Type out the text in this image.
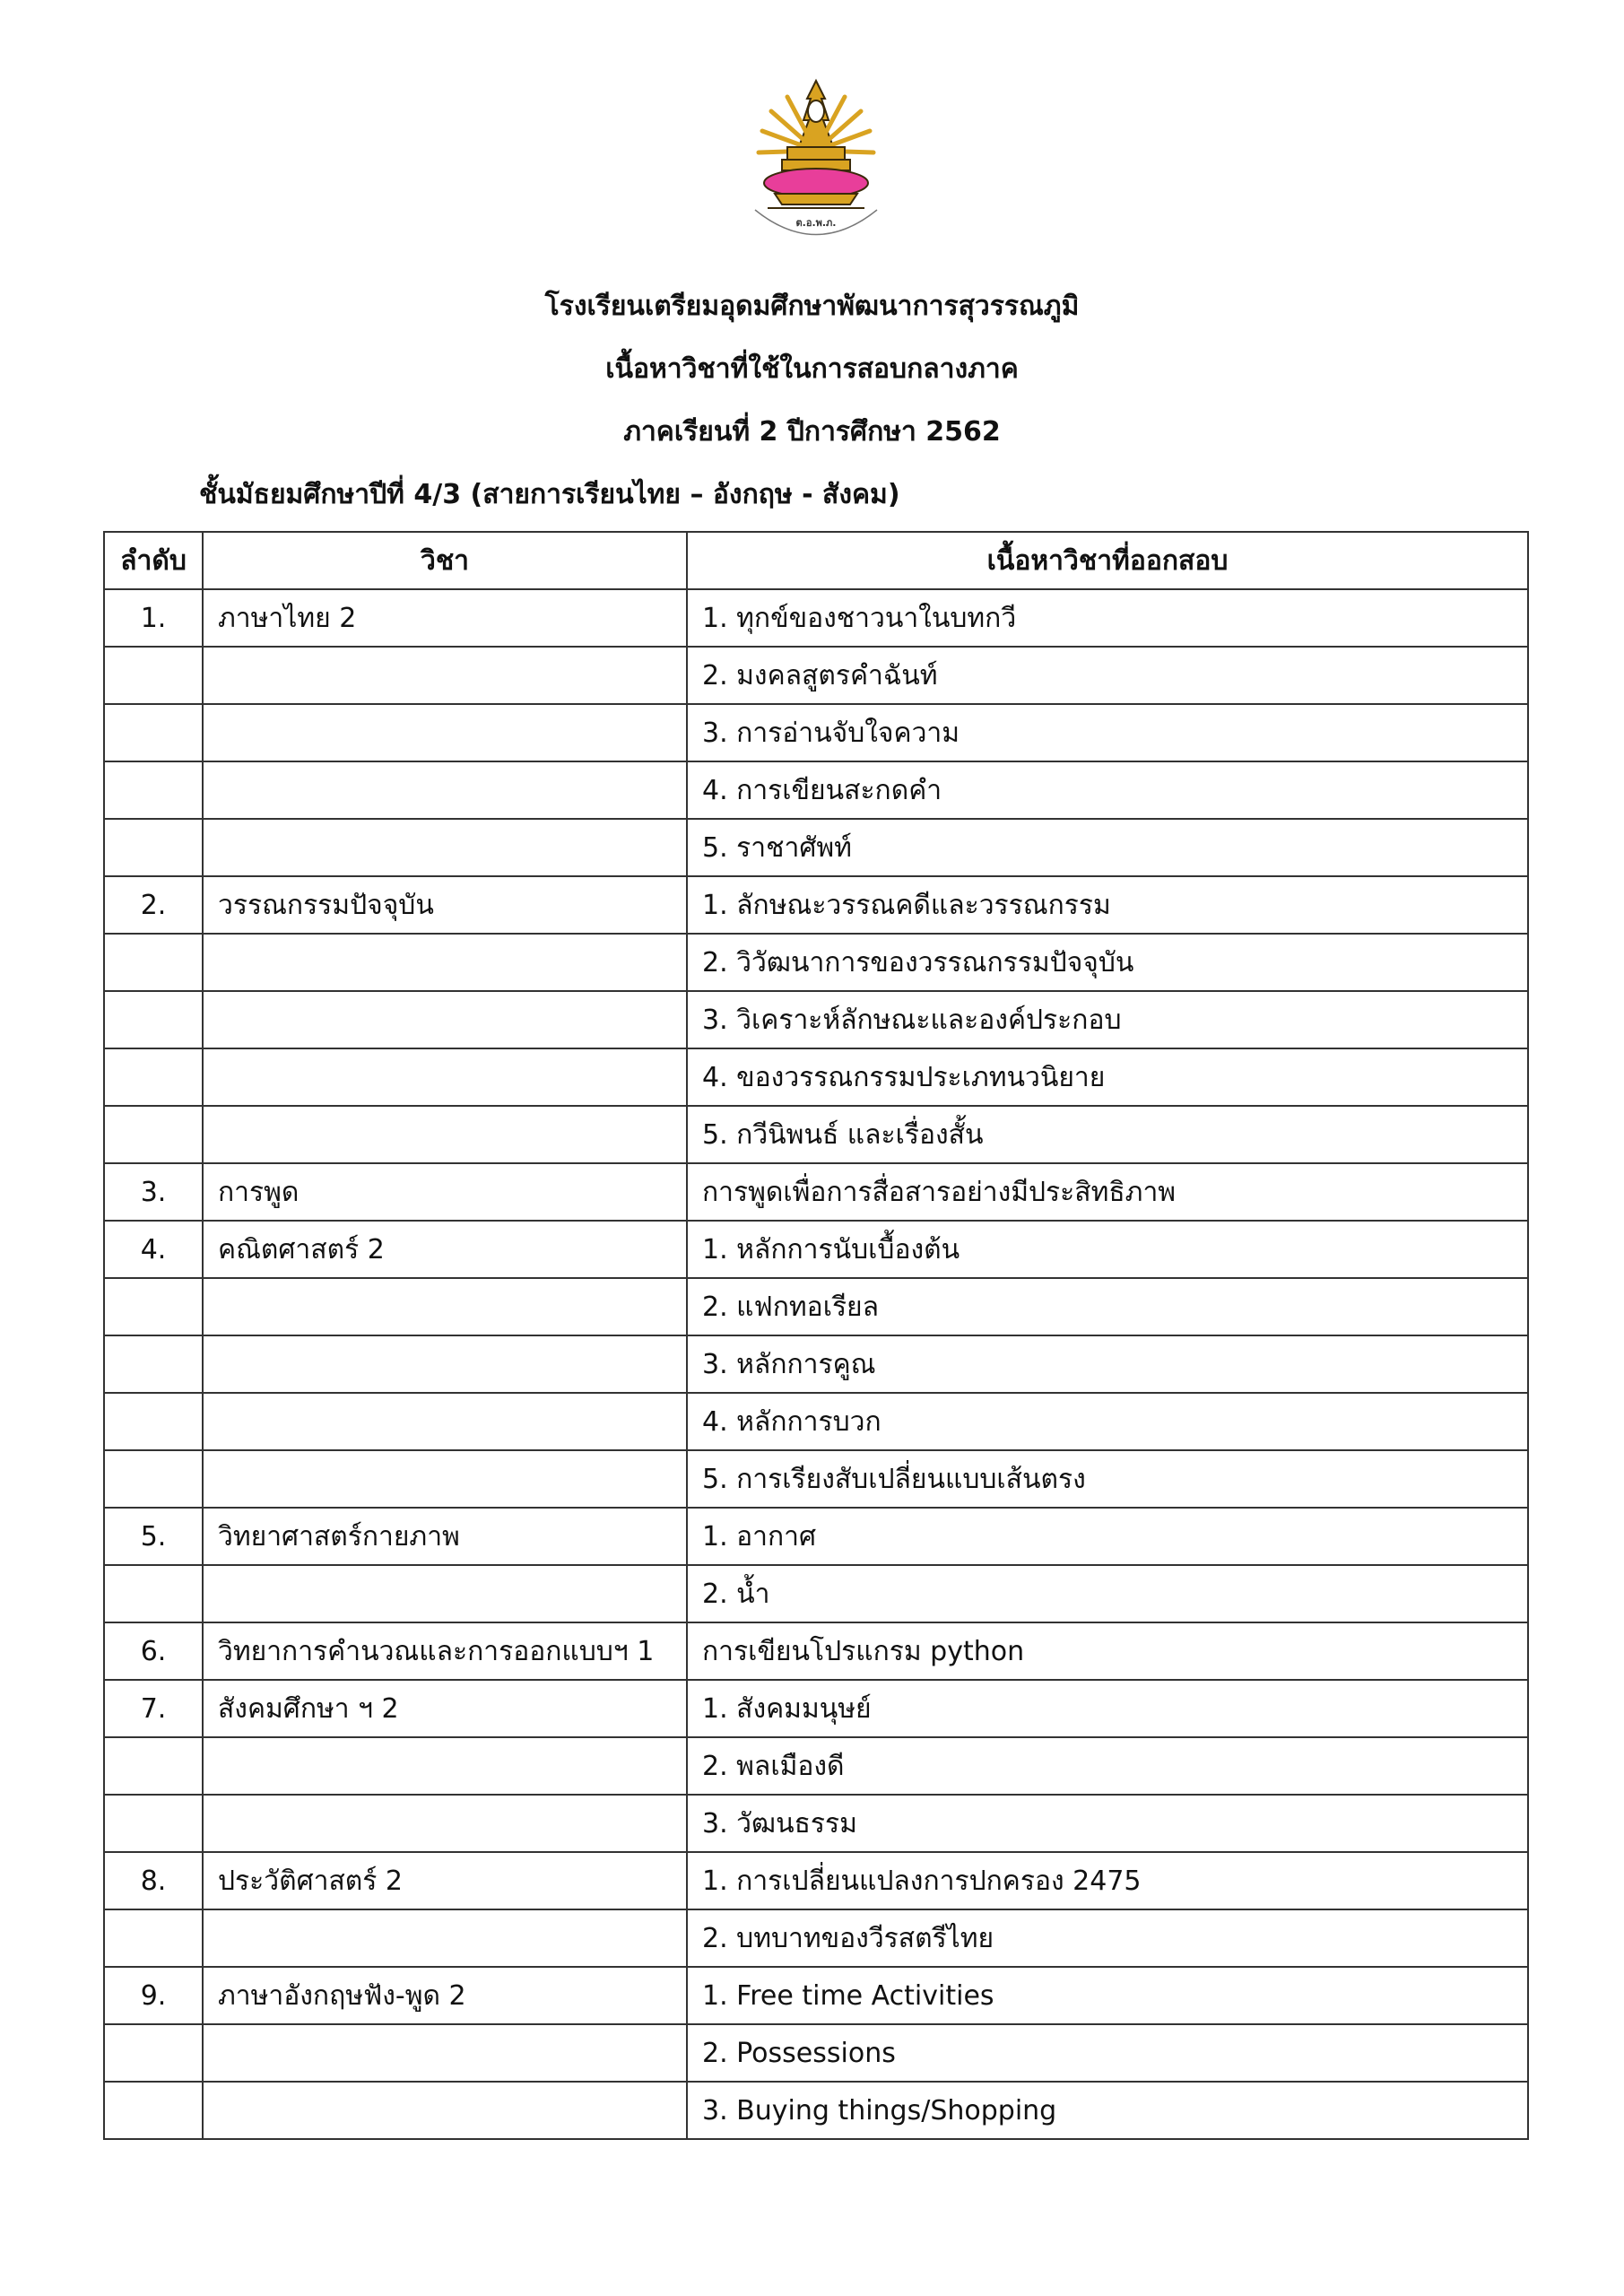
ต.อ.พ.ภ.
โรงเรียนเตรียมอุดมศึกษาพัฒนาการสุวรรณภูมิ
เนื้อหาวิชาที่ใช้ในการสอบกลางภาค
ภาคเรียนที่ 2 ปีการศึกษา 2562
ชั้นมัธยมศึกษาปีที่ 4/3 (สายการเรียนไทย – อังกฤษ - สังคม)
ลำดับ	วิชา	เนื้อหาวิชาที่ออกสอบ
1.	ภาษาไทย 2	1. ทุกข์ของชาวนาในบทกวี
		2. มงคลสูตรคำฉันท์
		3. การอ่านจับใจความ
		4. การเขียนสะกดคำ
		5. ราชาศัพท์
2.	วรรณกรรมปัจจุบัน	1. ลักษณะวรรณคดีและวรรณกรรม
		2. วิวัฒนาการของวรรณกรรมปัจจุบัน
		3. วิเคราะห์ลักษณะและองค์ประกอบ
		4. ของวรรณกรรมประเภทนวนิยาย
		5. กวีนิพนธ์ และเรื่องสั้น
3.	การพูด	การพูดเพื่อการสื่อสารอย่างมีประสิทธิภาพ
4.	คณิตศาสตร์ 2	1. หลักการนับเบื้องต้น
		2. แฟกทอเรียล
		3. หลักการคูณ
		4. หลักการบวก
		5. การเรียงสับเปลี่ยนแบบเส้นตรง
5.	วิทยาศาสตร์กายภาพ	1. อากาศ
		2. น้ำ
6.	วิทยาการคำนวณและการออกแบบฯ 1	การเขียนโปรแกรม python
7.	สังคมศึกษา ฯ 2	1. สังคมมนุษย์
		2. พลเมืองดี
		3. วัฒนธรรม
8.	ประวัติศาสตร์ 2	1. การเปลี่ยนแปลงการปกครอง 2475
		2. บทบาทของวีรสตรีไทย
9.	ภาษาอังกฤษฟัง-พูด 2	1. Free time Activities
		2. Possessions
		3. Buying things/Shopping
